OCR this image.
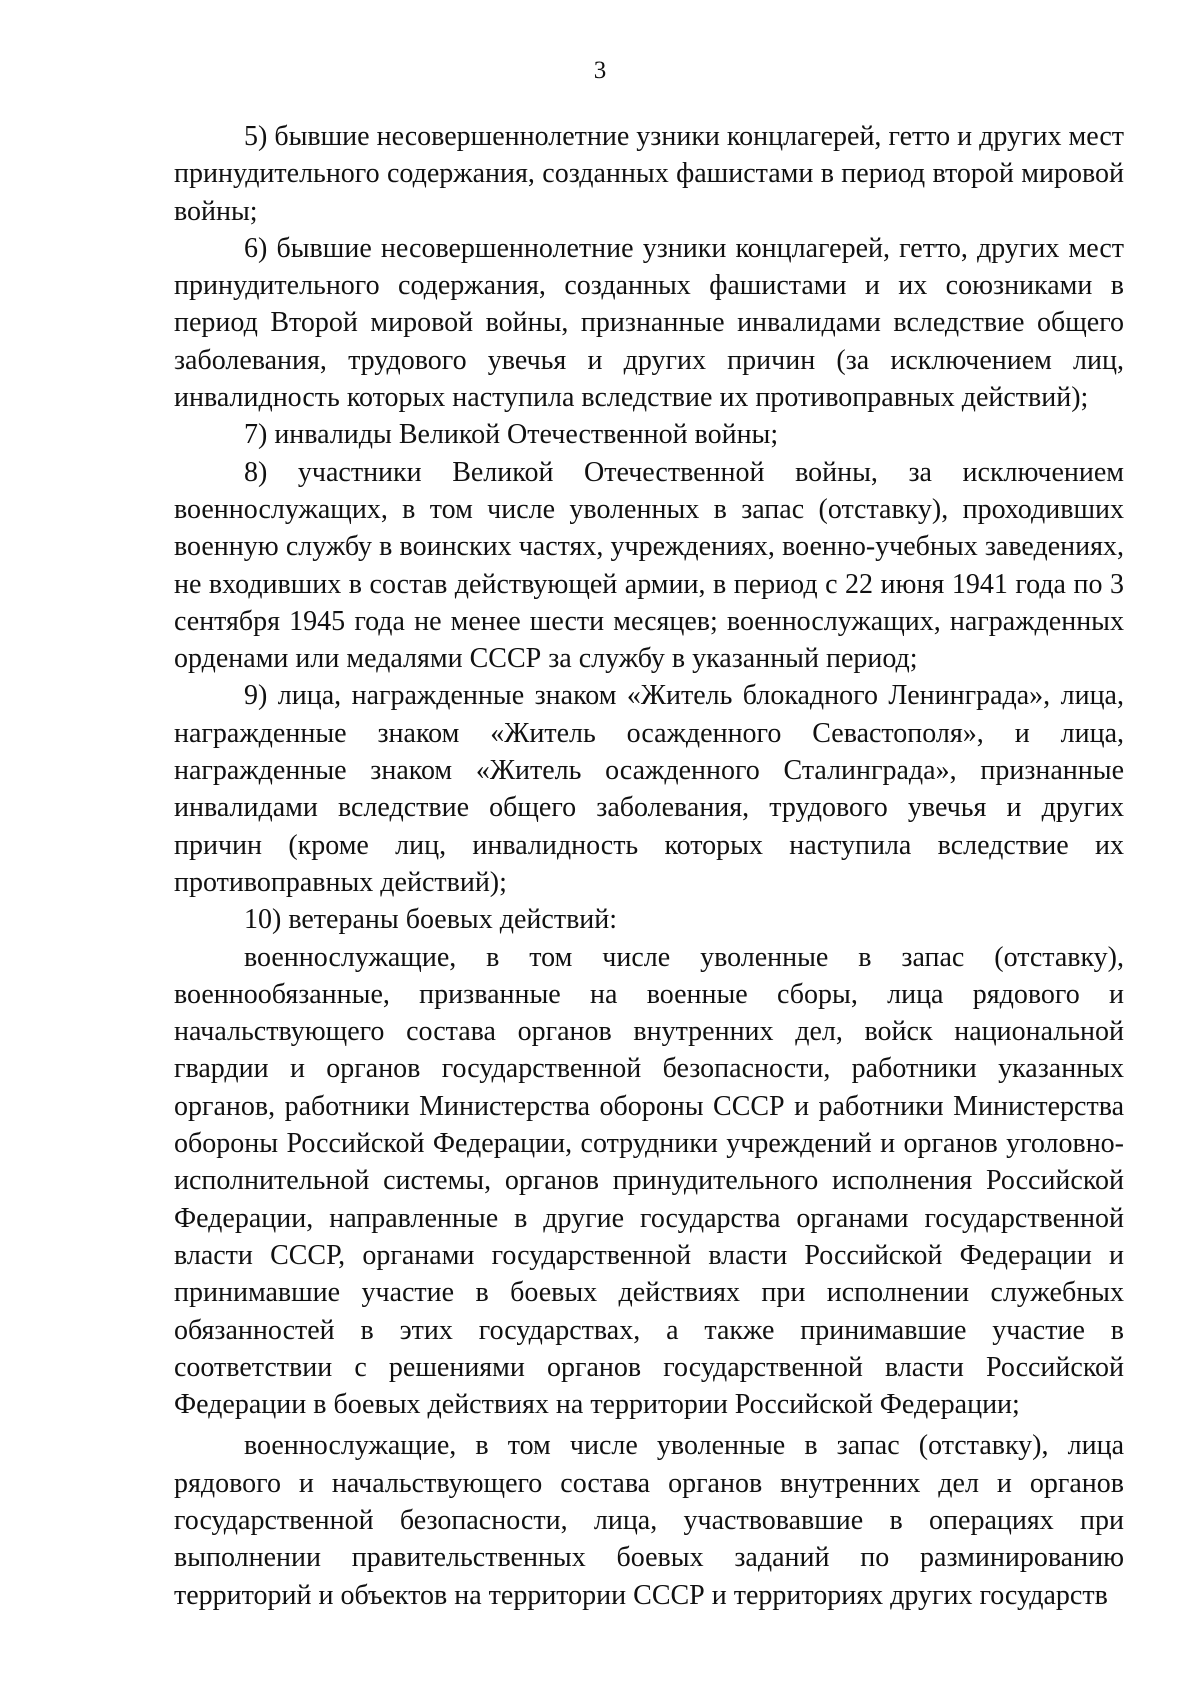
3

5) бывшие несовершеннолетние узники концлагерей, гетто и других мест принудительного содержания, созданных фашистами в период второй мировой войны;

6) бывшие несовершеннолетние узники концлагерей, гетто, других мест принудительного содержания, созданных фашистами и их союзниками в период Второй мировой войны, признанные инвалидами вследствие общего заболевания, трудового увечья и других причин (за исключением лиц, инвалидность которых наступила вследствие их противоправных действий);

7) инвалиды Великой Отечественной войны;

8) участники Великой Отечественной войны, за исключением военнослужащих, в том числе уволенных в запас (отставку), проходивших военную службу в воинских частях, учреждениях, военно-учебных заведениях, не входивших в состав действующей армии, в период с 22 июня 1941 года по 3 сентября 1945 года не менее шести месяцев; военнослужащих, награжденных орденами или медалями СССР за службу в указанный период;

9) лица, награжденные знаком «Житель блокадного Ленинграда», лица, награжденные знаком «Житель осажденного Севастополя», и лица, награжденные знаком «Житель осажденного Сталинграда», признанные инвалидами вследствие общего заболевания, трудового увечья и других причин (кроме лиц, инвалидность которых наступила вследствие их противоправных действий);

10) ветераны боевых действий:

военнослужащие, в том числе уволенные в запас (отставку), военнообязанные, призванные на военные сборы, лица рядового и начальствующего состава органов внутренних дел, войск национальной гвардии и органов государственной безопасности, работники указанных органов, работники Министерства обороны СССР и работники Министерства обороны Российской Федерации, сотрудники учреждений и органов уголовно-исполнительной системы, органов принудительного исполнения Российской Федерации, направленные в другие государства органами государственной власти СССР, органами государственной власти Российской Федерации и принимавшие участие в боевых действиях при исполнении служебных обязанностей в этих государствах, а также принимавшие участие в соответствии с решениями органов государственной власти Российской Федерации в боевых действиях на территории Российской Федерации;

военнослужащие, в том числе уволенные в запас (отставку), лица рядового и начальствующего состава органов внутренних дел и органов государственной безопасности, лица, участвовавшие в операциях при выполнении правительственных боевых заданий по разминированию территорий и объектов на территории СССР и территориях других государств
